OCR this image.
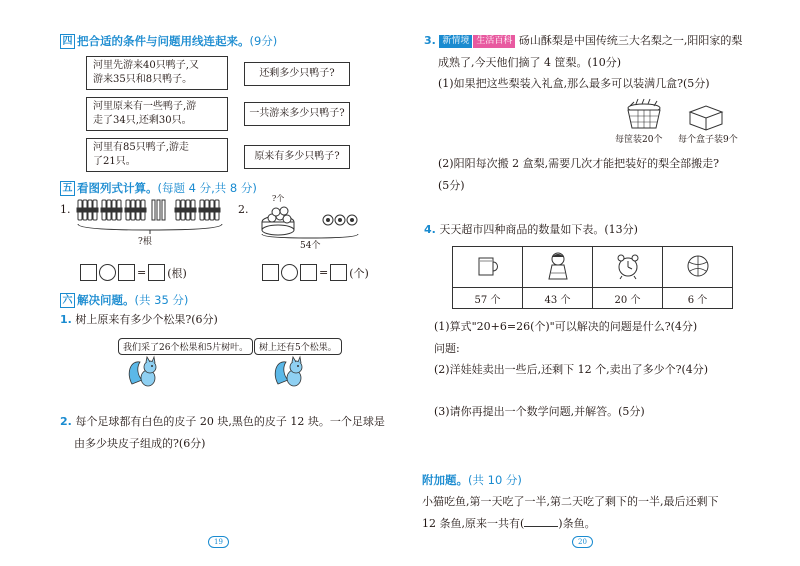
四 把合适的条件与问题用线连起来。(9分)
河里先游来40只鸭子,又
游来35只和8只鸭子。
河里原来有一些鸭子,游
走了34只,还剩30只。
河里有85只鸭子,游走
了21只。
还剩多少只鸭子?
一共游来多少只鸭子?
原来有多少只鸭子?
五 看图列式计算。(每题 4 分,共 8 分)
1.
?根
2.
?个
54个
= (根)	= (个)
六 解决问题。(共 35 分)
1. 树上原来有多少个松果?(6分)
我们采了26个松果和5片树叶。	树上还有5个松果。
2. 每个足球都有白色的皮子 20 块,黑色的皮子 12 块。一个足球是
由多少块皮子组成的?(6分)
19
3. 新情境 生活百科 砀山酥梨是中国传统三大名梨之一,阳阳家的梨
成熟了,今天他们摘了 4 筐梨。(10分)
(1)如果把这些梨装入礼盒,那么最多可以装满几盒?(5分)
每筐装20个 每个盒子装9个
(2)阳阳每次搬 2 盒梨,需要几次才能把装好的梨全部搬走?
(5分)
4. 天天超市四种商品的数量如下表。(13分)

57 个	43 个	20 个	6 个
(1)算式"20+6=26(个)"可以解决的问题是什么?(4分)
问题:
(2)洋娃娃卖出一些后,还剩下 12 个,卖出了多少个?(4分)
(3)请你再提出一个数学问题,并解答。(5分)
附加题。(共 10 分)
小猫吃鱼,第一天吃了一半,第二天吃了剩下的一半,最后还剩下
12 条鱼,原来一共有(	)条鱼。
20
